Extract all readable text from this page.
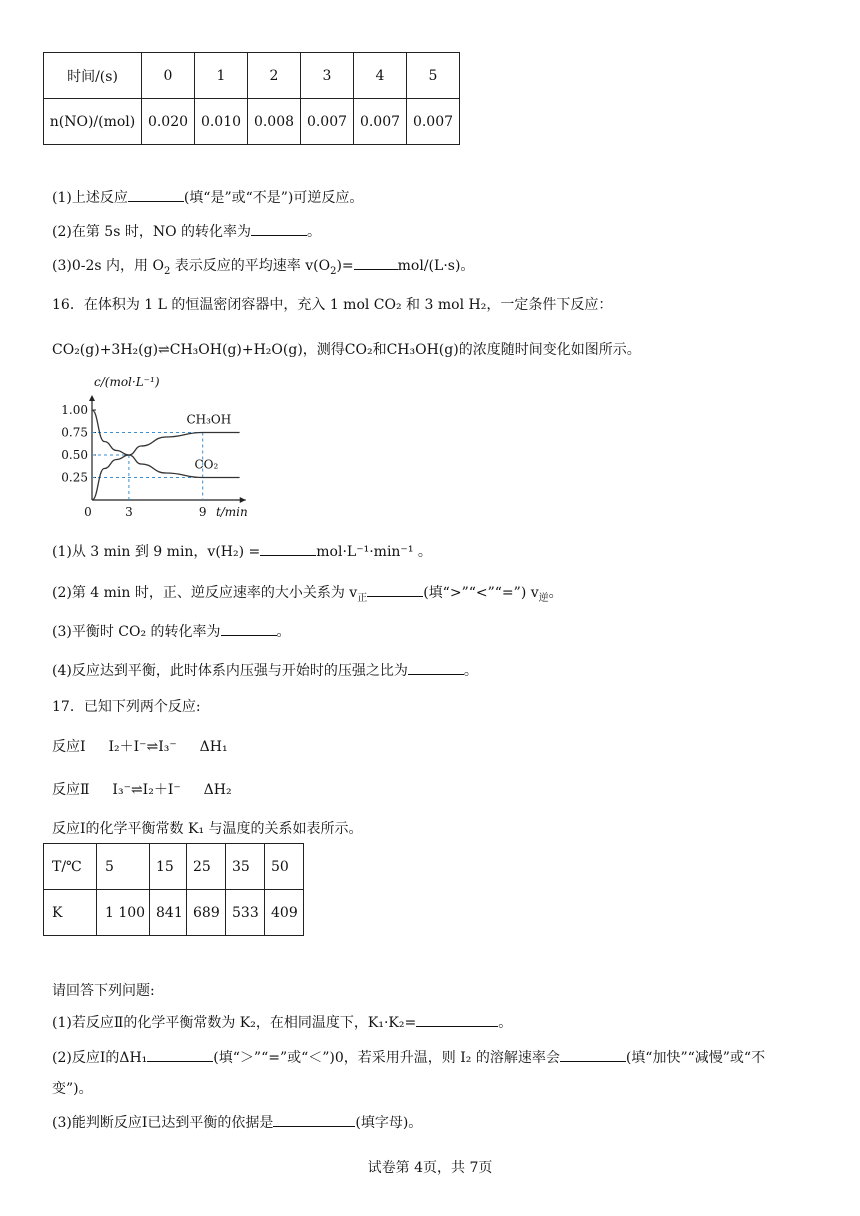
时间/(s)	0	1	2	3	4	5
n(NO)/(mol)	0.020	0.010	0.008	0.007	0.007	0.007
(1)上述反应	(填“是”或“不是”)可逆反应。
(2)在第 5s 时，NO 的转化率为	。
(3)0-2s 内，用 $O_2$ 表示反应的平均速率 $v(O_2)=$	mol/(L·s)。
16．在体积为 1 L 的恒温密闭容器中，充入 1 mol CO₂ 和 3 mol H₂，一定条件下反应：
CO₂(g)+3H₂(g)⇌CH₃OH(g)+H₂O(g)，测得CO₂和CH₃OH(g)的浓度随时间变化如图所示。
1.00
0.75
0.50
0.25
0	3	9
CH₃OH
CO₂
c/(mol·L⁻¹)
t/min
(1)从 3 min 到 9 min，v(H₂) =	mol·L⁻¹·min⁻¹ 。
(2)第 4 min 时，正、逆反应速率的大小关系为 $v_正$	(填“>”“<”“=”) $v_逆$。
(3)平衡时 CO₂ 的转化率为	。
(4)反应达到平衡，此时体系内压强与开始时的压强之比为	。
17．已知下列两个反应:
反应Ⅰ I₂＋I⁻⇌I₃⁻ ΔH₁
反应Ⅱ I₃⁻⇌I₂＋I⁻ ΔH₂
反应Ⅰ的化学平衡常数 K₁ 与温度的关系如表所示。
T/℃	5	15	25	35	50
K	1 100	841	689	533	409
请回答下列问题:
(1)若反应Ⅱ的化学平衡常数为 K₂，在相同温度下，K₁·K₂=	。
(2)反应Ⅰ的ΔH₁	(填“＞”“=”或“＜”)0，若采用升温，则 I₂ 的溶解速率会	(填“加快”“减慢”或“不
变”)。
(3)能判断反应Ⅰ已达到平衡的依据是	(填字母)。
试卷第 4页，共 7页
